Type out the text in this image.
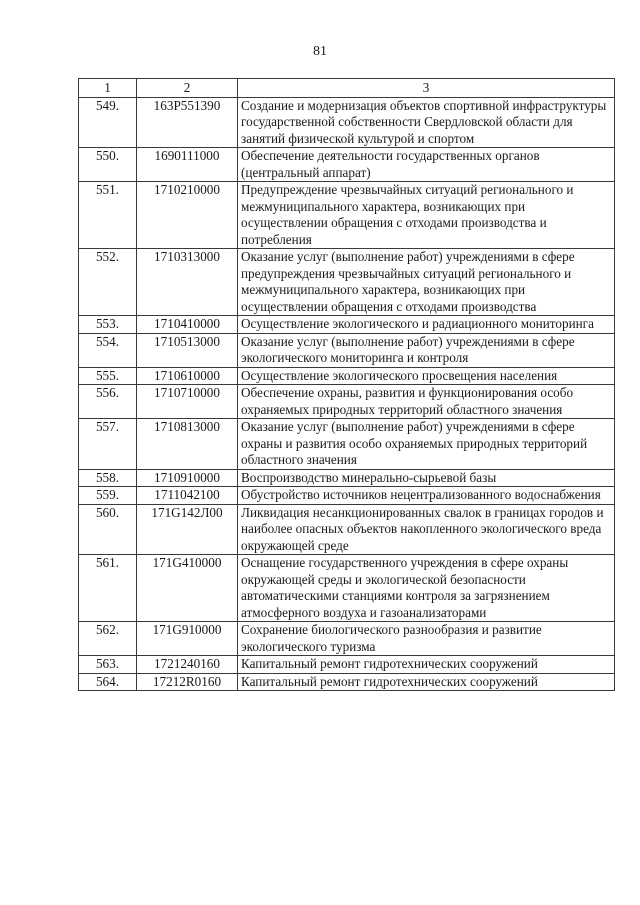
81
1	2	3
549.	163P551390	Создание и модернизация объектов спортивной инфраструктуры государственной собственности Свердловской области для занятий физической культурой и спортом
550.	1690111000	Обеспечение деятельности государственных органов (центральный аппарат)
551.	1710210000	Предупреждение чрезвычайных ситуаций регионального и межмуниципального характера, возникающих при осуществлении обращения с отходами производства и потребления
552.	1710313000	Оказание услуг (выполнение работ) учреждениями в сфере предупреждения чрезвычайных ситуаций регионального и межмуниципального характера, возникающих при осуществлении обращения с отходами производства
553.	1710410000	Осуществление экологического и радиационного мониторинга
554.	1710513000	Оказание услуг (выполнение работ) учреждениями в сфере экологического мониторинга и контроля
555.	1710610000	Осуществление экологического просвещения населения
556.	1710710000	Обеспечение охраны, развития и функционирования особо охраняемых природных территорий областного значения
557.	1710813000	Оказание услуг (выполнение работ) учреждениями в сфере охраны и развития особо охраняемых природных территорий областного значения
558.	1710910000	Воспроизводство минерально-сырьевой базы
559.	1711042100	Обустройство источников нецентрализованного водоснабжения
560.	171G142Л00	Ликвидация несанкционированных свалок в границах городов и наиболее опасных объектов накопленного экологического вреда окружающей среде
561.	171G410000	Оснащение государственного учреждения в сфере охраны окружающей среды и экологической безопасности автоматическими станциями контроля за загрязнением атмосферного воздуха и газоанализаторами
562.	171G910000	Сохранение биологического разнообразия и развитие экологического туризма
563.	1721240160	Капитальный ремонт гидротехнических сооружений
564.	17212R0160	Капитальный ремонт гидротехнических сооружений
